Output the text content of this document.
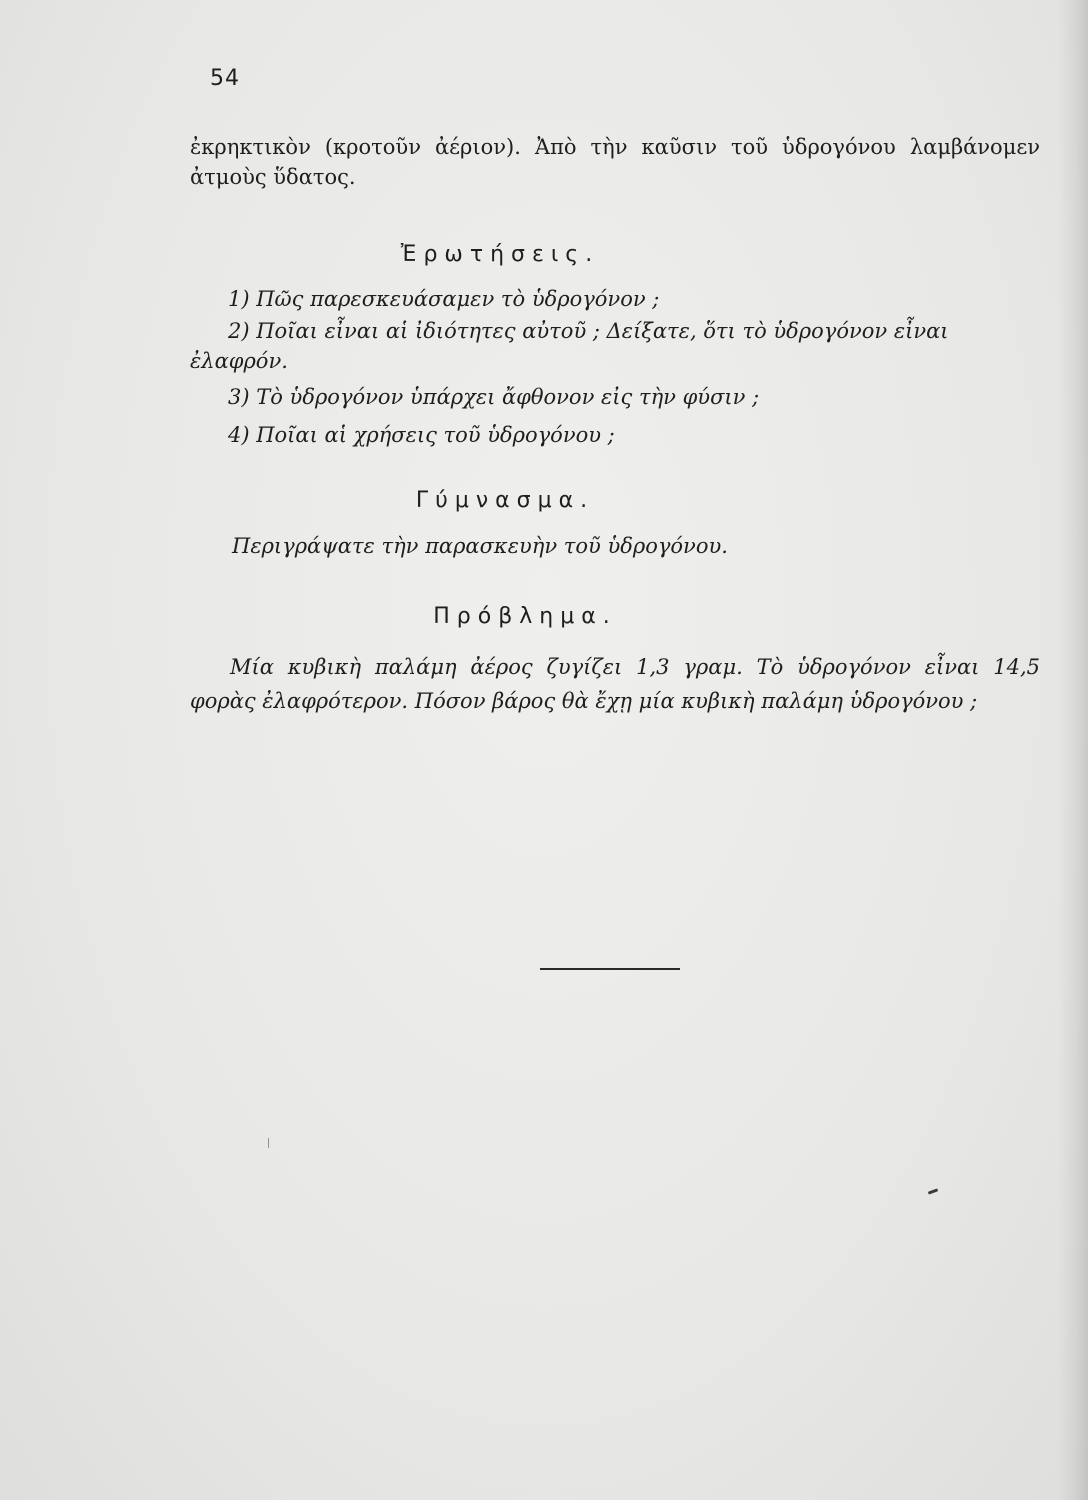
54
ἐκρηκτικὸν (κροτοῦν ἀέριον). Ἀπὸ τὴν καῦσιν τοῦ ὑδρογόνου λαμβάνομεν ἀτμοὺς ὕδατος.
Ἐρωτήσεις.
1) Πῶς παρεσκευάσαμεν τὸ ὑδρογόνον ;
2) Ποῖαι εἶναι αἱ ἰδιότητες αὐτοῦ ; Δείξατε, ὅτι τὸ ὑδρογόνον εἶναι
ἐλαφρόν.
3) Τὸ ὑδρογόνον ὑπάρχει ἄφθονον εἰς τὴν φύσιν ;
4) Ποῖαι αἱ χρήσεις τοῦ ὑδρογόνου ;
Γύμνασμα.
Περιγράψατε τὴν παρασκευὴν τοῦ ὑδρογόνου.
Πρόβλημα.
Μία κυβικὴ παλάμη ἀέρος ζυγίζει 1,3 γραμ. Τὸ ὑδρογόνον εἶναι 14,5 φορὰς ἐλαφρότερον. Πόσον βάρος θὰ ἔχῃ μία κυβικὴ παλάμη ὑδρογόνου ;
